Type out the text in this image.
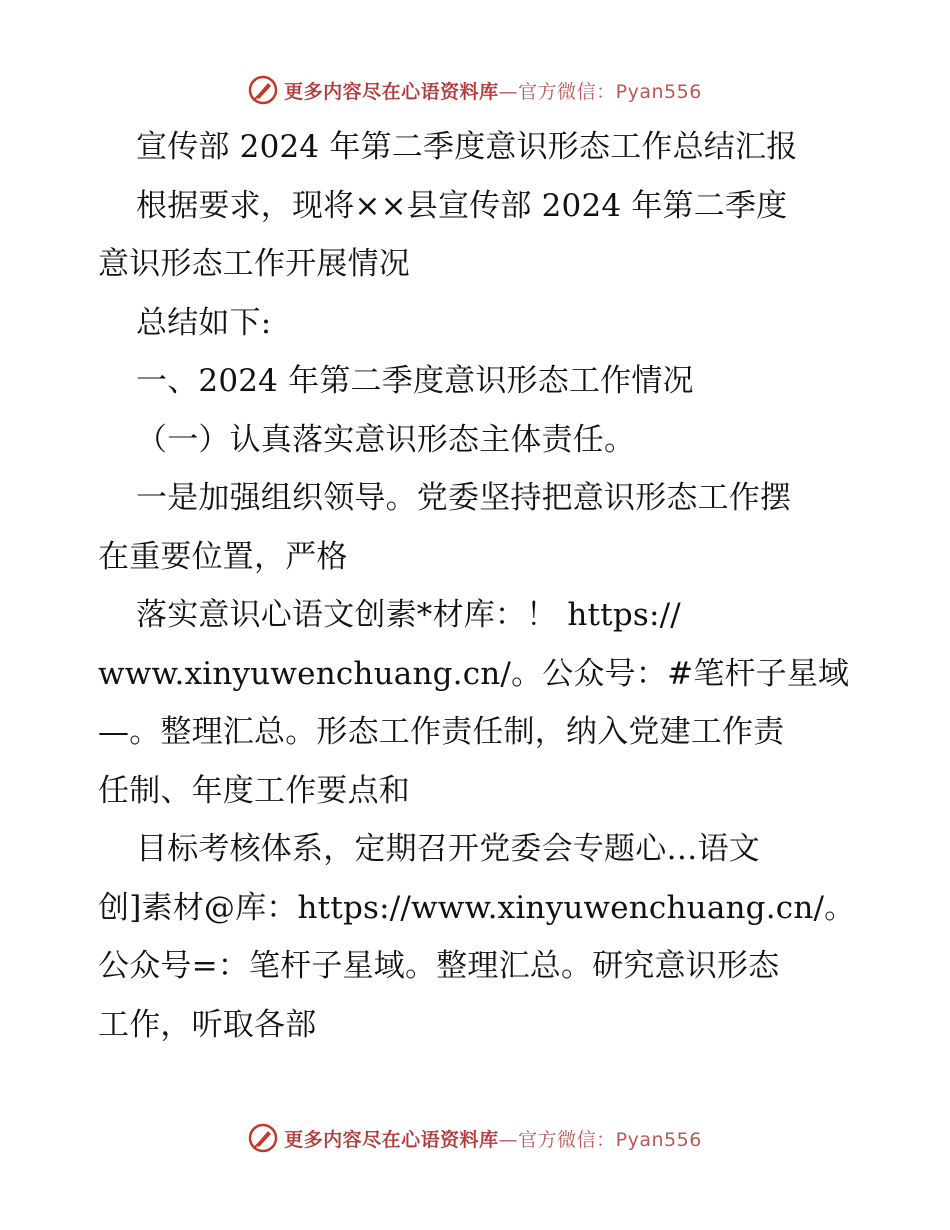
更多内容尽在心语资料库—官方微信：Pyan556
宣传部 2024 年第二季度意识形态工作总结汇报
根据要求，现将××县宣传部 2024 年第二季度
意识形态工作开展情况
总结如下:
一、2024 年第二季度意识形态工作情况
（一）认真落实意识形态主体责任。
一是加强组织领导。党委坚持把意识形态工作摆
在重要位置，严格
落实意识心语文创素*材库：！ https://
www.xinyuwenchuang.cn/。公众号：#笔杆子星域
—。整理汇总。形态工作责任制，纳入党建工作责
任制、年度工作要点和
目标考核体系，定期召开党委会专题心…语文
创]素材@库：https://www.xinyuwenchuang.cn/。
公众号=：笔杆子星域。整理汇总。研究意识形态
工作，听取各部
更多内容尽在心语资料库—官方微信：Pyan556
